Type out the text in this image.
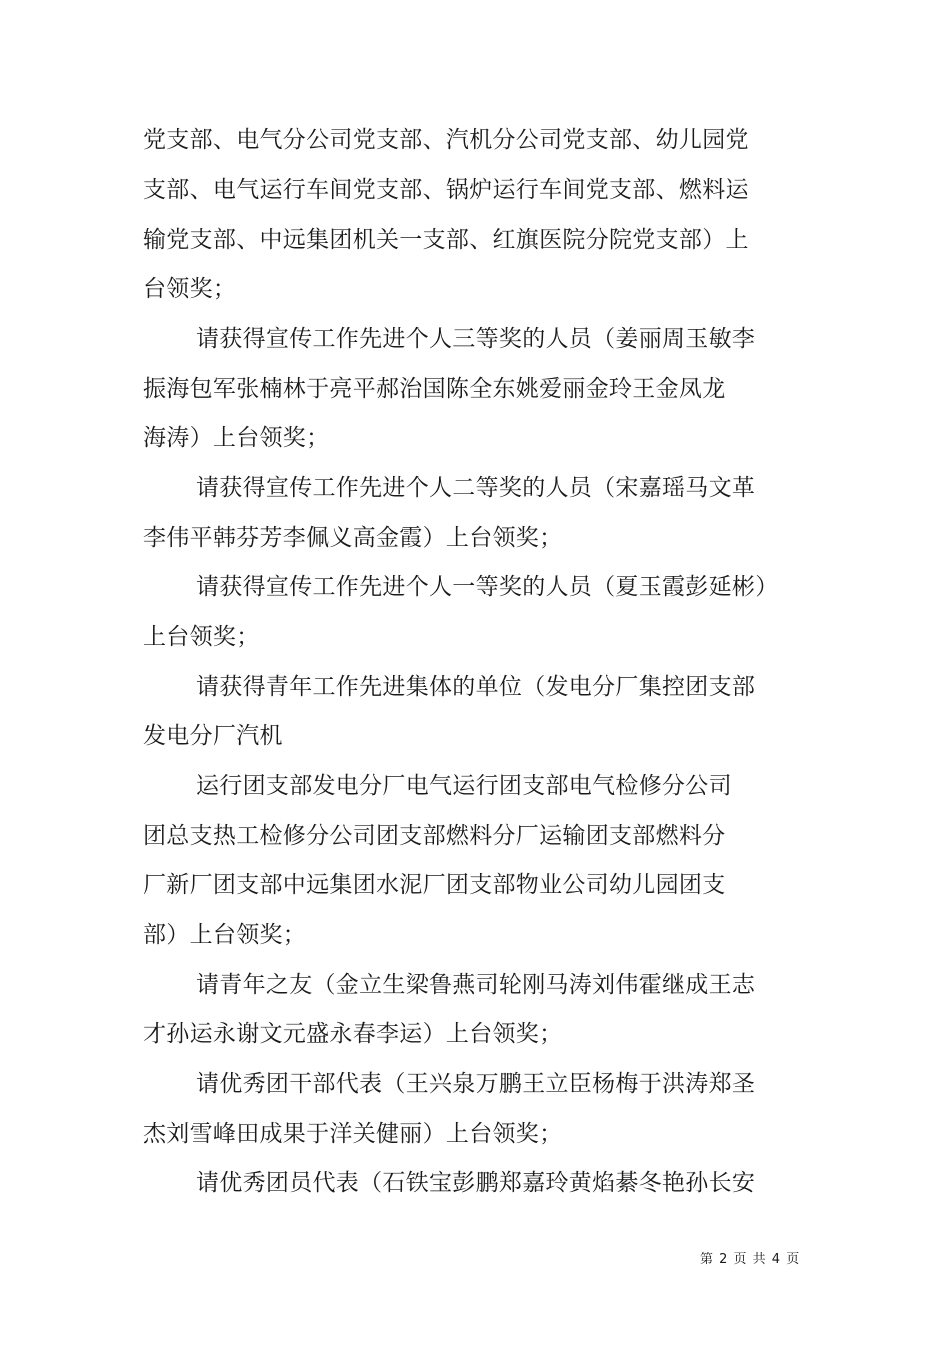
党支部、电气分公司党支部、汽机分公司党支部、幼儿园党
支部、电气运行车间党支部、锅炉运行车间党支部、燃料运
输党支部、中远集团机关一支部、红旗医院分院党支部）上
台领奖；
请获得宣传工作先进个人三等奖的人员（姜丽周玉敏李
振海包军张楠林于亮平郝治国陈全东姚爱丽金玲王金凤龙
海涛）上台领奖；
请获得宣传工作先进个人二等奖的人员（宋嘉瑶马文革
李伟平韩芬芳李佩义高金霞）上台领奖；
请获得宣传工作先进个人一等奖的人员（夏玉霞彭延彬）
上台领奖；
请获得青年工作先进集体的单位（发电分厂集控团支部
发电分厂汽机
运行团支部发电分厂电气运行团支部电气检修分公司
团总支热工检修分公司团支部燃料分厂运输团支部燃料分
厂新厂团支部中远集团水泥厂团支部物业公司幼儿园团支
部）上台领奖；
请青年之友（金立生梁鲁燕司轮刚马涛刘伟霍继成王志
才孙运永谢文元盛永春李运）上台领奖；
请优秀团干部代表（王兴泉万鹏王立臣杨梅于洪涛郑圣
杰刘雪峰田成果于洋关健丽）上台领奖；
请优秀团员代表（石铁宝彭鹏郑嘉玲黄焰綦冬艳孙长安
第 2 页 共 4 页
